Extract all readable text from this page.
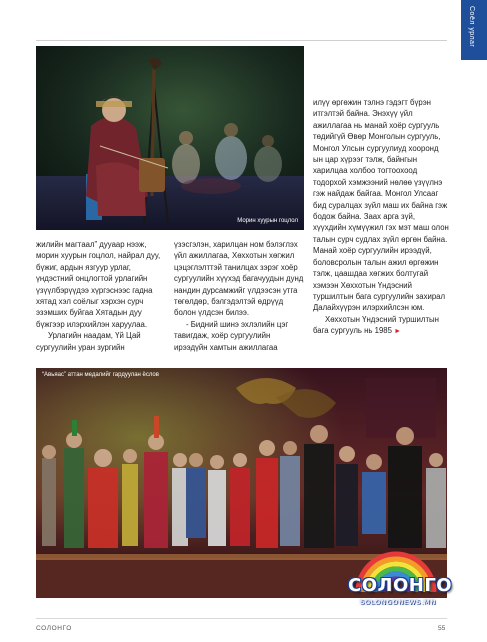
Соёл урлаг
Морин хуурын гоцлол

илүү өргөжин тэлнэ гэдэгт бүрэн итгэлтэй байна. Энэхүү үйл ажиллагаа нь манай хоёр сургууль төдийгүй Өвөр Монголын сургууль, Монгол Улсын сургуулиуд хооронд ын цар хүрээг тэлж, байнгын харилцаа холбоо тогтоохоод тодорхой хэмжээний нөлөө үзүүлнэ гэж найдаж байгаа. Монгол Улсааг бид суралцах зүйл маш их байна гэж бодож байна. Зааx арга зүй, хүүхдийн хүмүүжил гэх мэт маш олон талын сурч судлах зүйл өргөн байна. Манай хоёр сургуулийн ирээдүй, боловсролын талын ажил өргөжин тэлж, цаашдаа хөгжих болтугай хэмээн Хөхxотын Үндэсний туршилтын бага сургуулийн захирал Далайхүүрэн илэрхийлсэн юм.

Хөхxотын Үндэсний туршилтын бага сургууль нь 1985 ►

жилийн магтаал” дууаар нээж, морин хуурын гоцлол, найрал дуу, бүжиг, ардын язгуур урлаг, үндэстний онцлогтой урлагийн үзүүлбэрүүдээ хүргэснээс гадна хятад хэл соёлыг хэрхэн сурч эзэмших буйгаа Хятадын дуу бүжгээр илэрхийлэн харуулaa.

Урлагийн наадам, Үй Цай сургуулийн уран зургийн

үзэсгэлэн, харилцан ном бэлэглэх үйл ажиллагаа, Хөххотын хөгжил цэцэглэлттэй танилцах зэрэг хоёр сургуулийн хүүхэд багачуудын дунд нандин дурсамжийг үлдээсэн утга төгөлдөр, бэлгэдэлтэй өдрүүд болон үлдсэн билээ.

- Бидний шинэ эхлэлийн цэг тавигдаж, хоёр сургуулийн ирээдүйн хамтын ажиллагаа

“Авьяас” аттан медалийг гардуулан ёслов
СОЛОНГО
SOLONGONEWS.MN
СОЛОНГО	55
